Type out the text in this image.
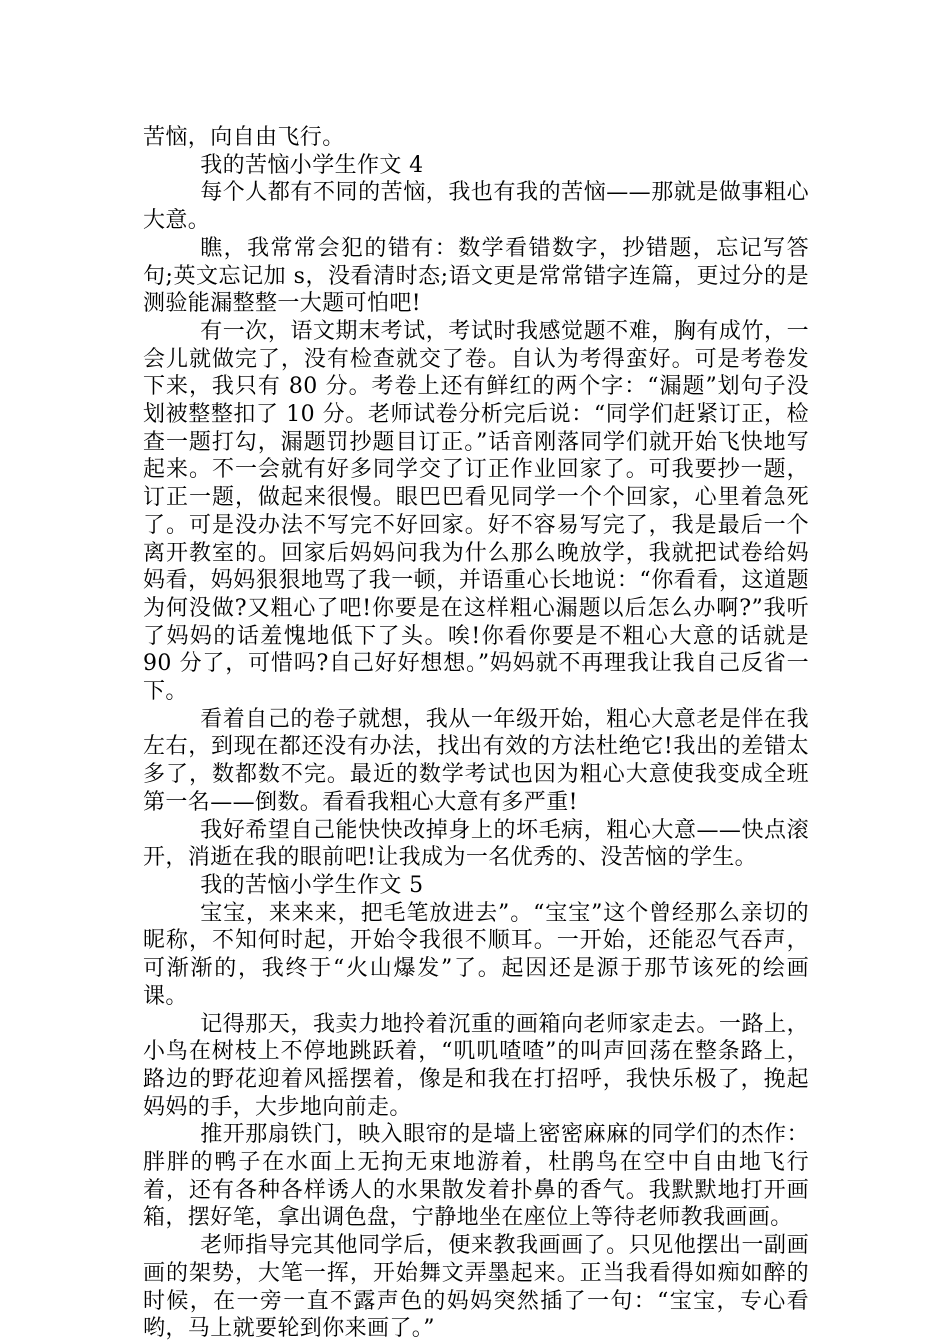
苦恼，向自由飞行。

我的苦恼小学生作文 4

每个人都有不同的苦恼，我也有我的苦恼——那就是做事粗心大意。

瞧，我常常会犯的错有：数学看错数字，抄错题，忘记写答句;英文忘记加 s，没看清时态;语文更是常常错字连篇，更过分的是测验能漏整整一大题可怕吧!

有一次，语文期末考试，考试时我感觉题不难，胸有成竹，一会儿就做完了，没有检查就交了卷。自认为考得蛮好。可是考卷发下来，我只有 80 分。考卷上还有鲜红的两个字：“漏题”划句子没划被整整扣了 10 分。老师试卷分析完后说：“同学们赶紧订正，检查一题打勾，漏题罚抄题目订正。”话音刚落同学们就开始飞快地写起来。不一会就有好多同学交了订正作业回家了。可我要抄一题，订正一题，做起来很慢。眼巴巴看见同学一个个回家，心里着急死了。可是没办法不写完不好回家。好不容易写完了，我是最后一个离开教室的。回家后妈妈问我为什么那么晚放学，我就把试卷给妈妈看，妈妈狠狠地骂了我一顿，并语重心长地说：“你看看，这道题为何没做?又粗心了吧!你要是在这样粗心漏题以后怎么办啊?”我听了妈妈的话羞愧地低下了头。唉!你看你要是不粗心大意的话就是 90 分了，可惜吗?自己好好想想。”妈妈就不再理我让我自己反省一下。

看着自己的卷子就想，我从一年级开始，粗心大意老是伴在我左右，到现在都还没有办法，找出有效的方法杜绝它!我出的差错太多了，数都数不完。最近的数学考试也因为粗心大意使我变成全班第一名——倒数。看看我粗心大意有多严重!

我好希望自己能快快改掉身上的坏毛病，粗心大意——快点滚开，消逝在我的眼前吧!让我成为一名优秀的、没苦恼的学生。

我的苦恼小学生作文 5

宝宝，来来来，把毛笔放进去”。“宝宝”这个曾经那么亲切的昵称，不知何时起，开始令我很不顺耳。一开始，还能忍气吞声，可渐渐的，我终于“火山爆发”了。起因还是源于那节该死的绘画课。

记得那天，我卖力地拎着沉重的画箱向老师家走去。一路上，小鸟在树枝上不停地跳跃着，“叽叽喳喳”的叫声回荡在整条路上，路边的野花迎着风摇摆着，像是和我在打招呼，我快乐极了，挽起妈妈的手，大步地向前走。

推开那扇铁门，映入眼帘的是墙上密密麻麻的同学们的杰作：胖胖的鸭子在水面上无拘无束地游着，杜鹃鸟在空中自由地飞行着，还有各种各样诱人的水果散发着扑鼻的香气。我默默地打开画箱，摆好笔，拿出调色盘，宁静地坐在座位上等待老师教我画画。

老师指导完其他同学后，便来教我画画了。只见他摆出一副画画的架势，大笔一挥，开始舞文弄墨起来。正当我看得如痴如醉的时候，在一旁一直不露声色的妈妈突然插了一句：“宝宝，专心看哟，马上就要轮到你来画了。”
